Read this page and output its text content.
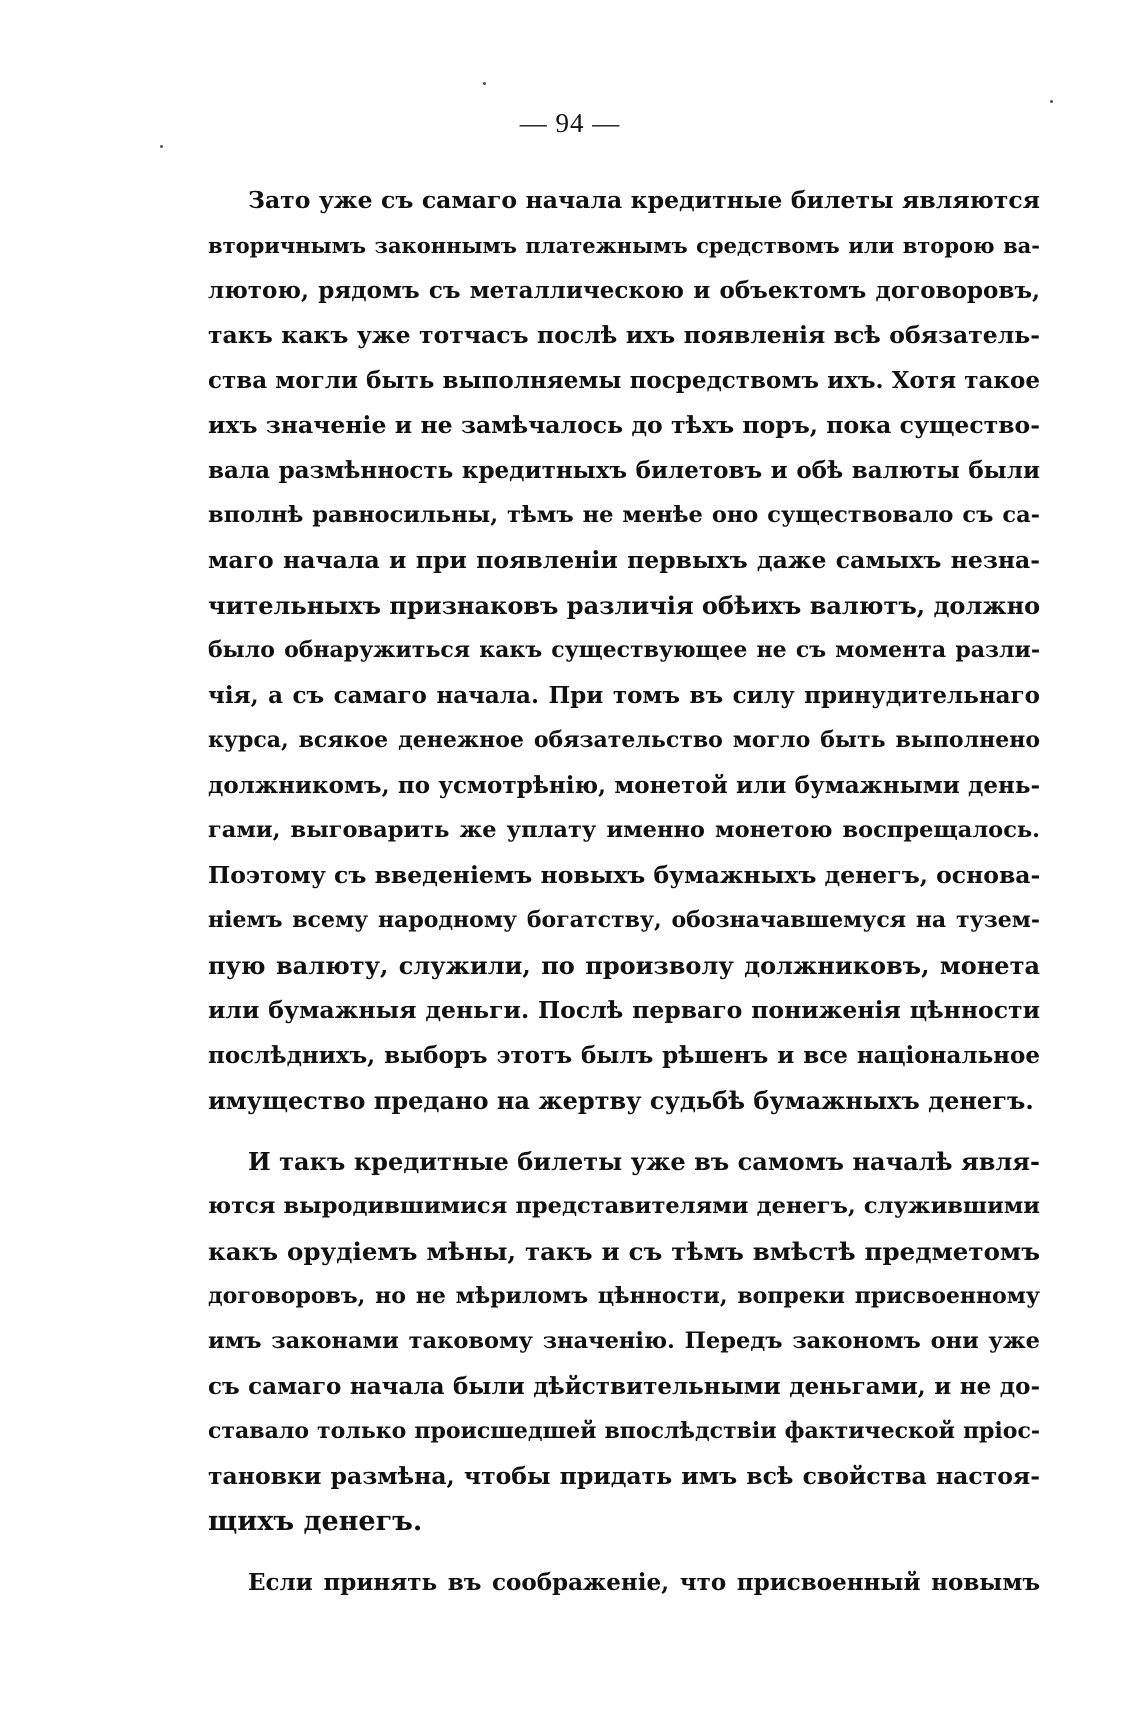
— 94 —
Зато уже съ самаго начала кредитные билеты являются
вторичнымъ законнымъ платежнымъ средствомъ или второю ва-
лютою, рядомъ съ металлическою и объектомъ договоровъ,
такъ какъ уже тотчасъ послѣ ихъ появленія всѣ обязатель-
ства могли быть выполняемы посредствомъ ихъ. Хотя такое
ихъ значеніе и не замѣчалось до тѣхъ поръ, пока существо-
вала размѣнность кредитныхъ билетовъ и обѣ валюты были
вполнѣ равносильны, тѣмъ не менѣе оно существовало съ са-
маго начала и при появленіи первыхъ даже самыхъ незна-
чительныхъ признаковъ различія обѣихъ валютъ, должно
было обнаружиться какъ существующее не съ момента разли-
чія, а съ самаго начала. При томъ въ силу принудительнаго
курса, всякое денежное обязательство могло быть выполнено
должникомъ, по усмотрѣнію, монетой или бумажными день-
гами, выговарить же уплату именно монетою воспрещалось.
Поэтому съ введеніемъ новыхъ бумажныхъ денегъ, основа-
ніемъ всему народному богатству, обозначавшемуся на тузем-
пую валюту, служили, по произволу должниковъ, монета
или бумажныя деньги. Послѣ перваго пониженія цѣнности
послѣднихъ, выборъ этотъ былъ рѣшенъ и все національное
имущество предано на жертву судьбѣ бумажныхъ денегъ.
И такъ кредитные билеты уже въ самомъ началѣ явля-
ются выродившимися представителями денегъ, служившими
какъ орудіемъ мѣны, такъ и съ тѣмъ вмѣстѣ предметомъ
договоровъ, но не мѣриломъ цѣнности, вопреки присвоенному
имъ законами таковому значенію. Передъ закономъ они уже
съ самаго начала были дѣйствительными деньгами, и не до-
ставало только происшедшей впослѣдствіи фактической пріос-
тановки размѣна, чтобы придать имъ всѣ свойства настоя-
щихъ денегъ.
Если принять въ соображеніе, что присвоенный новымъ
